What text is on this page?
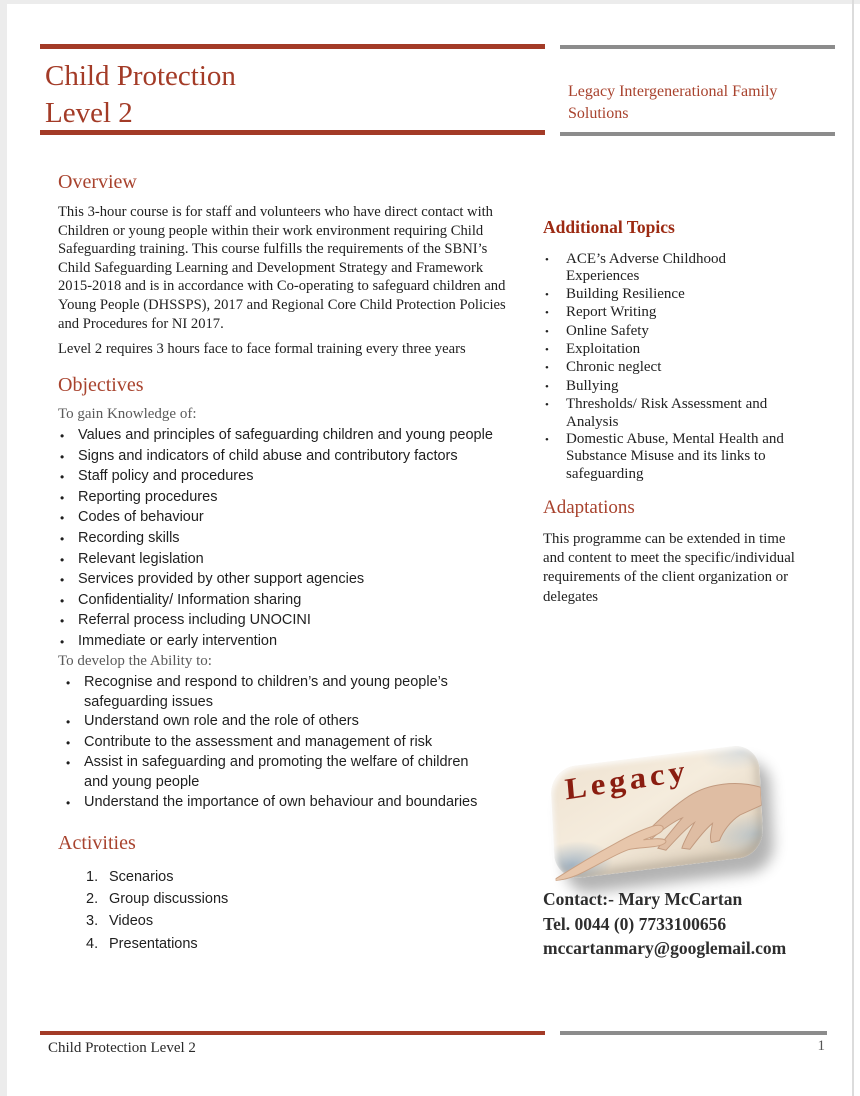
Child Protection
Level 2
Legacy Intergenerational Family Solutions
Overview

This 3-hour course is for staff and volunteers who have direct contact with Children or young people within their work environment requiring Child Safeguarding training. This course fulfills the requirements of the SBNI’s Child Safeguarding Learning and Development Strategy and Framework 2015-2018 and is in accordance with Co-operating to safeguard children and Young People (DHSSPS), 2017 and Regional Core Child Protection Policies and Procedures for NI 2017.

Level 2 requires 3 hours face to face formal training every three years

Objectives
To gain Knowledge of:
• Values and principles of safeguarding children and young people
• Signs and indicators of child abuse and contributory factors
• Staff policy and procedures
• Reporting procedures
• Codes of behaviour
• Recording skills
• Relevant legislation
• Services provided by other support agencies
• Confidentiality/ Information sharing
• Referral process including UNOCINI
• Immediate or early intervention
To develop the Ability to:
• Recognise and respond to children’s and young people’s safeguarding issues
• Understand own role and the role of others
• Contribute to the assessment and management of risk
• Assist in safeguarding and promoting the welfare of children and young people
• Understand the importance of own behaviour and boundaries
Activities
1. Scenarios
2. Group discussions
3. Videos
4. Presentations
Additional Topics
•	ACE’s Adverse Childhood Experiences
•	Building Resilience
•	Report Writing
•	Online Safety
•	Exploitation
•	Chronic neglect
•	Bullying
•	Thresholds/ Risk Assessment and Analysis
•	Domestic Abuse, Mental Health and Substance Misuse and its links to safeguarding
Adaptations

This programme can be extended in time and content to meet the specific/individual requirements of the client organization or delegates

Legacy
Contact:- Mary McCartan
Tel. 0044 (0) 7733100656
mccartanmary@googlemail.com
Child Protection Level 2	1
